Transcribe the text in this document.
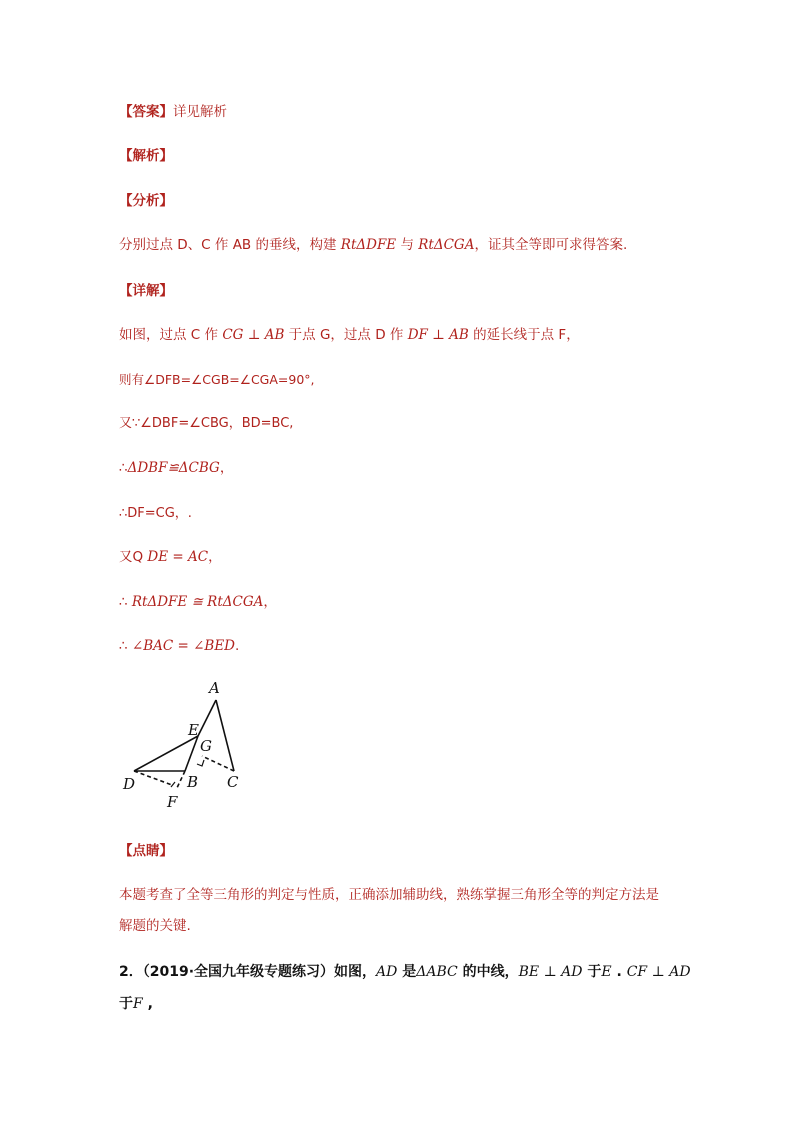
【答案】详见解析
【解析】
【分析】
分别过点 D、C 作 AB 的垂线，构建 RtΔDFE 与 RtΔCGA，证其全等即可求得答案.
【详解】
如图，过点 C 作 CG ⊥ AB 于点 G，过点 D 作 DF ⊥ AB 的延长线于点 F，
则有∠DFB=∠CGB=∠CGA=90°,
又∵∠DBF=∠CBG，BD=BC,
∴ΔDBF≌ΔCBG，
∴DF=CG，.
又Q DE = AC，
∴ RtΔDFE ≅ RtΔCGA，
∴ ∠BAC = ∠BED.
A
E
G
D	B C
F
【点睛】
本题考查了全等三角形的判定与性质，正确添加辅助线，熟练掌握三角形全等的判定方法是
解题的关键.
2．（2019·全国九年级专题练习）如图，AD 是ΔABC 的中线，BE ⊥ AD 于E . CF ⊥ AD
于F ,
